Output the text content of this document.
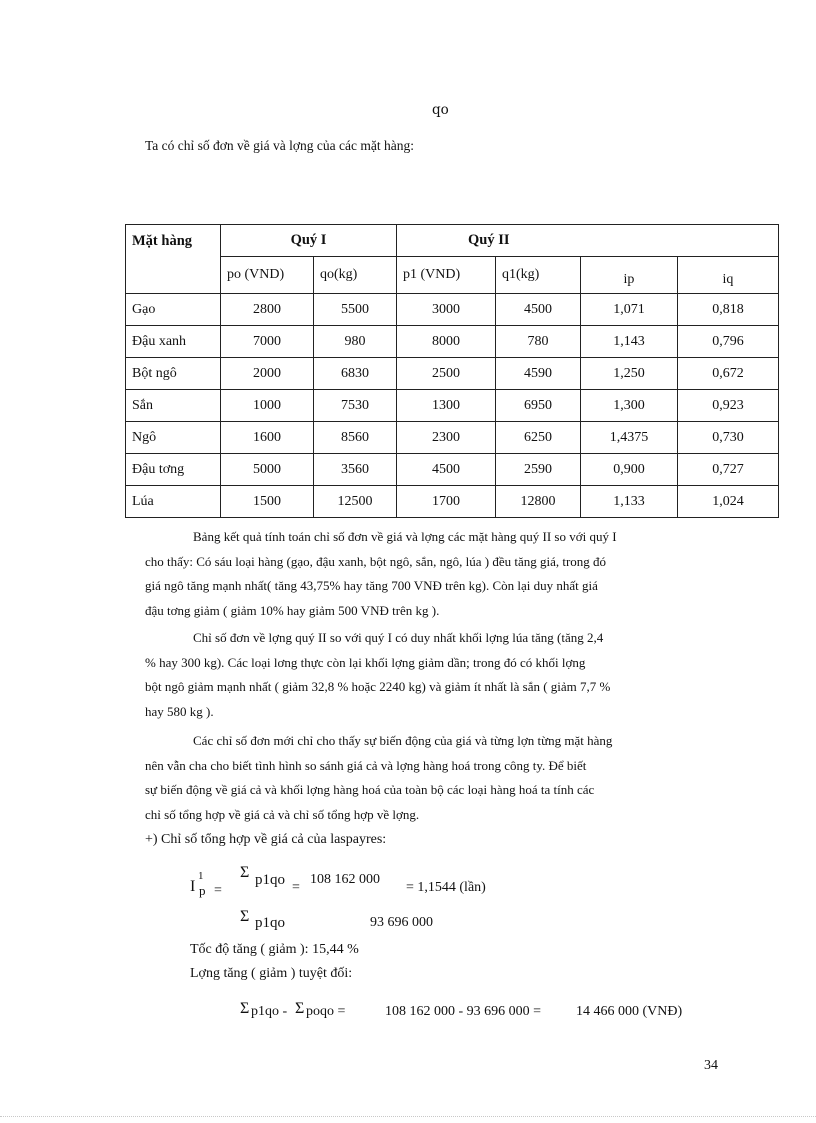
qo
Ta có chỉ số đơn về giá và lợng của các mặt hàng:
Mặt hàng	Quý I		Quý II			
	po (VND)	qo(kg)	p1 (VND)	q1(kg)	ip	iq
Gạo	2800	5500	3000	4500	1,071	0,818
Đậu xanh	7000	980	8000	780	1,143	0,796
Bột ngô	2000	6830	2500	4590	1,250	0,672
Sắn	1000	7530	1300	6950	1,300	0,923
Ngô	1600	8560	2300	6250	1,4375	0,730
Đậu tơng	5000	3560	4500	2590	0,900	0,727
Lúa	1500	12500	1700	12800	1,133	1,024
Bảng kết quả tính toán chỉ số đơn về giá và lợng các mặt hàng quý II so với quý I
cho thấy: Có sáu loại hàng (gạo, đậu xanh, bột ngô, sắn, ngô, lúa ) đều tăng giá, trong đó
giá ngô tăng mạnh nhất( tăng 43,75% hay tăng 700 VNĐ trên kg). Còn lại duy nhất giá
đậu tơng giảm ( giảm 10% hay giảm 500 VNĐ trên kg ).
Chỉ số đơn về lợng quý II so với quý I có duy nhất khối lợng lúa tăng (tăng 2,4
% hay 300 kg). Các loại lơng thực còn lại khối lợng giảm dần; trong đó có khối lợng
bột ngô giảm mạnh nhất ( giảm 32,8 % hoặc 2240 kg) và giảm ít nhất là sắn ( giảm 7,7 %
hay 580 kg ).
Các chỉ số đơn mới chỉ cho thấy sự biến động của giá và từng lợn từng mặt hàng
nên vẫn cha cho biết tình hình so sánh giá cả và lợng hàng hoá trong công ty. Để biết
sự biến động về giá cả và khối lợng hàng hoá của toàn bộ các loại hàng hoá ta tính các
chỉ số tổng hợp về giá cả và chỉ số tổng hợp về lợng.
+) Chỉ số tổng hợp về giá cả của laspayres:
I
1
p =
Σ p1qo =
108 162 000
= 1,1544 (lần)
Σ p1qo	93 696 000
Tốc độ tăng ( giảm ): 15,44 %
Lợng tăng ( giảm ) tuyệt đối:
Σ p1qo - Σ poqo =	108 162 000 - 93 696 000 = 14 466 000 (VNĐ)
34
